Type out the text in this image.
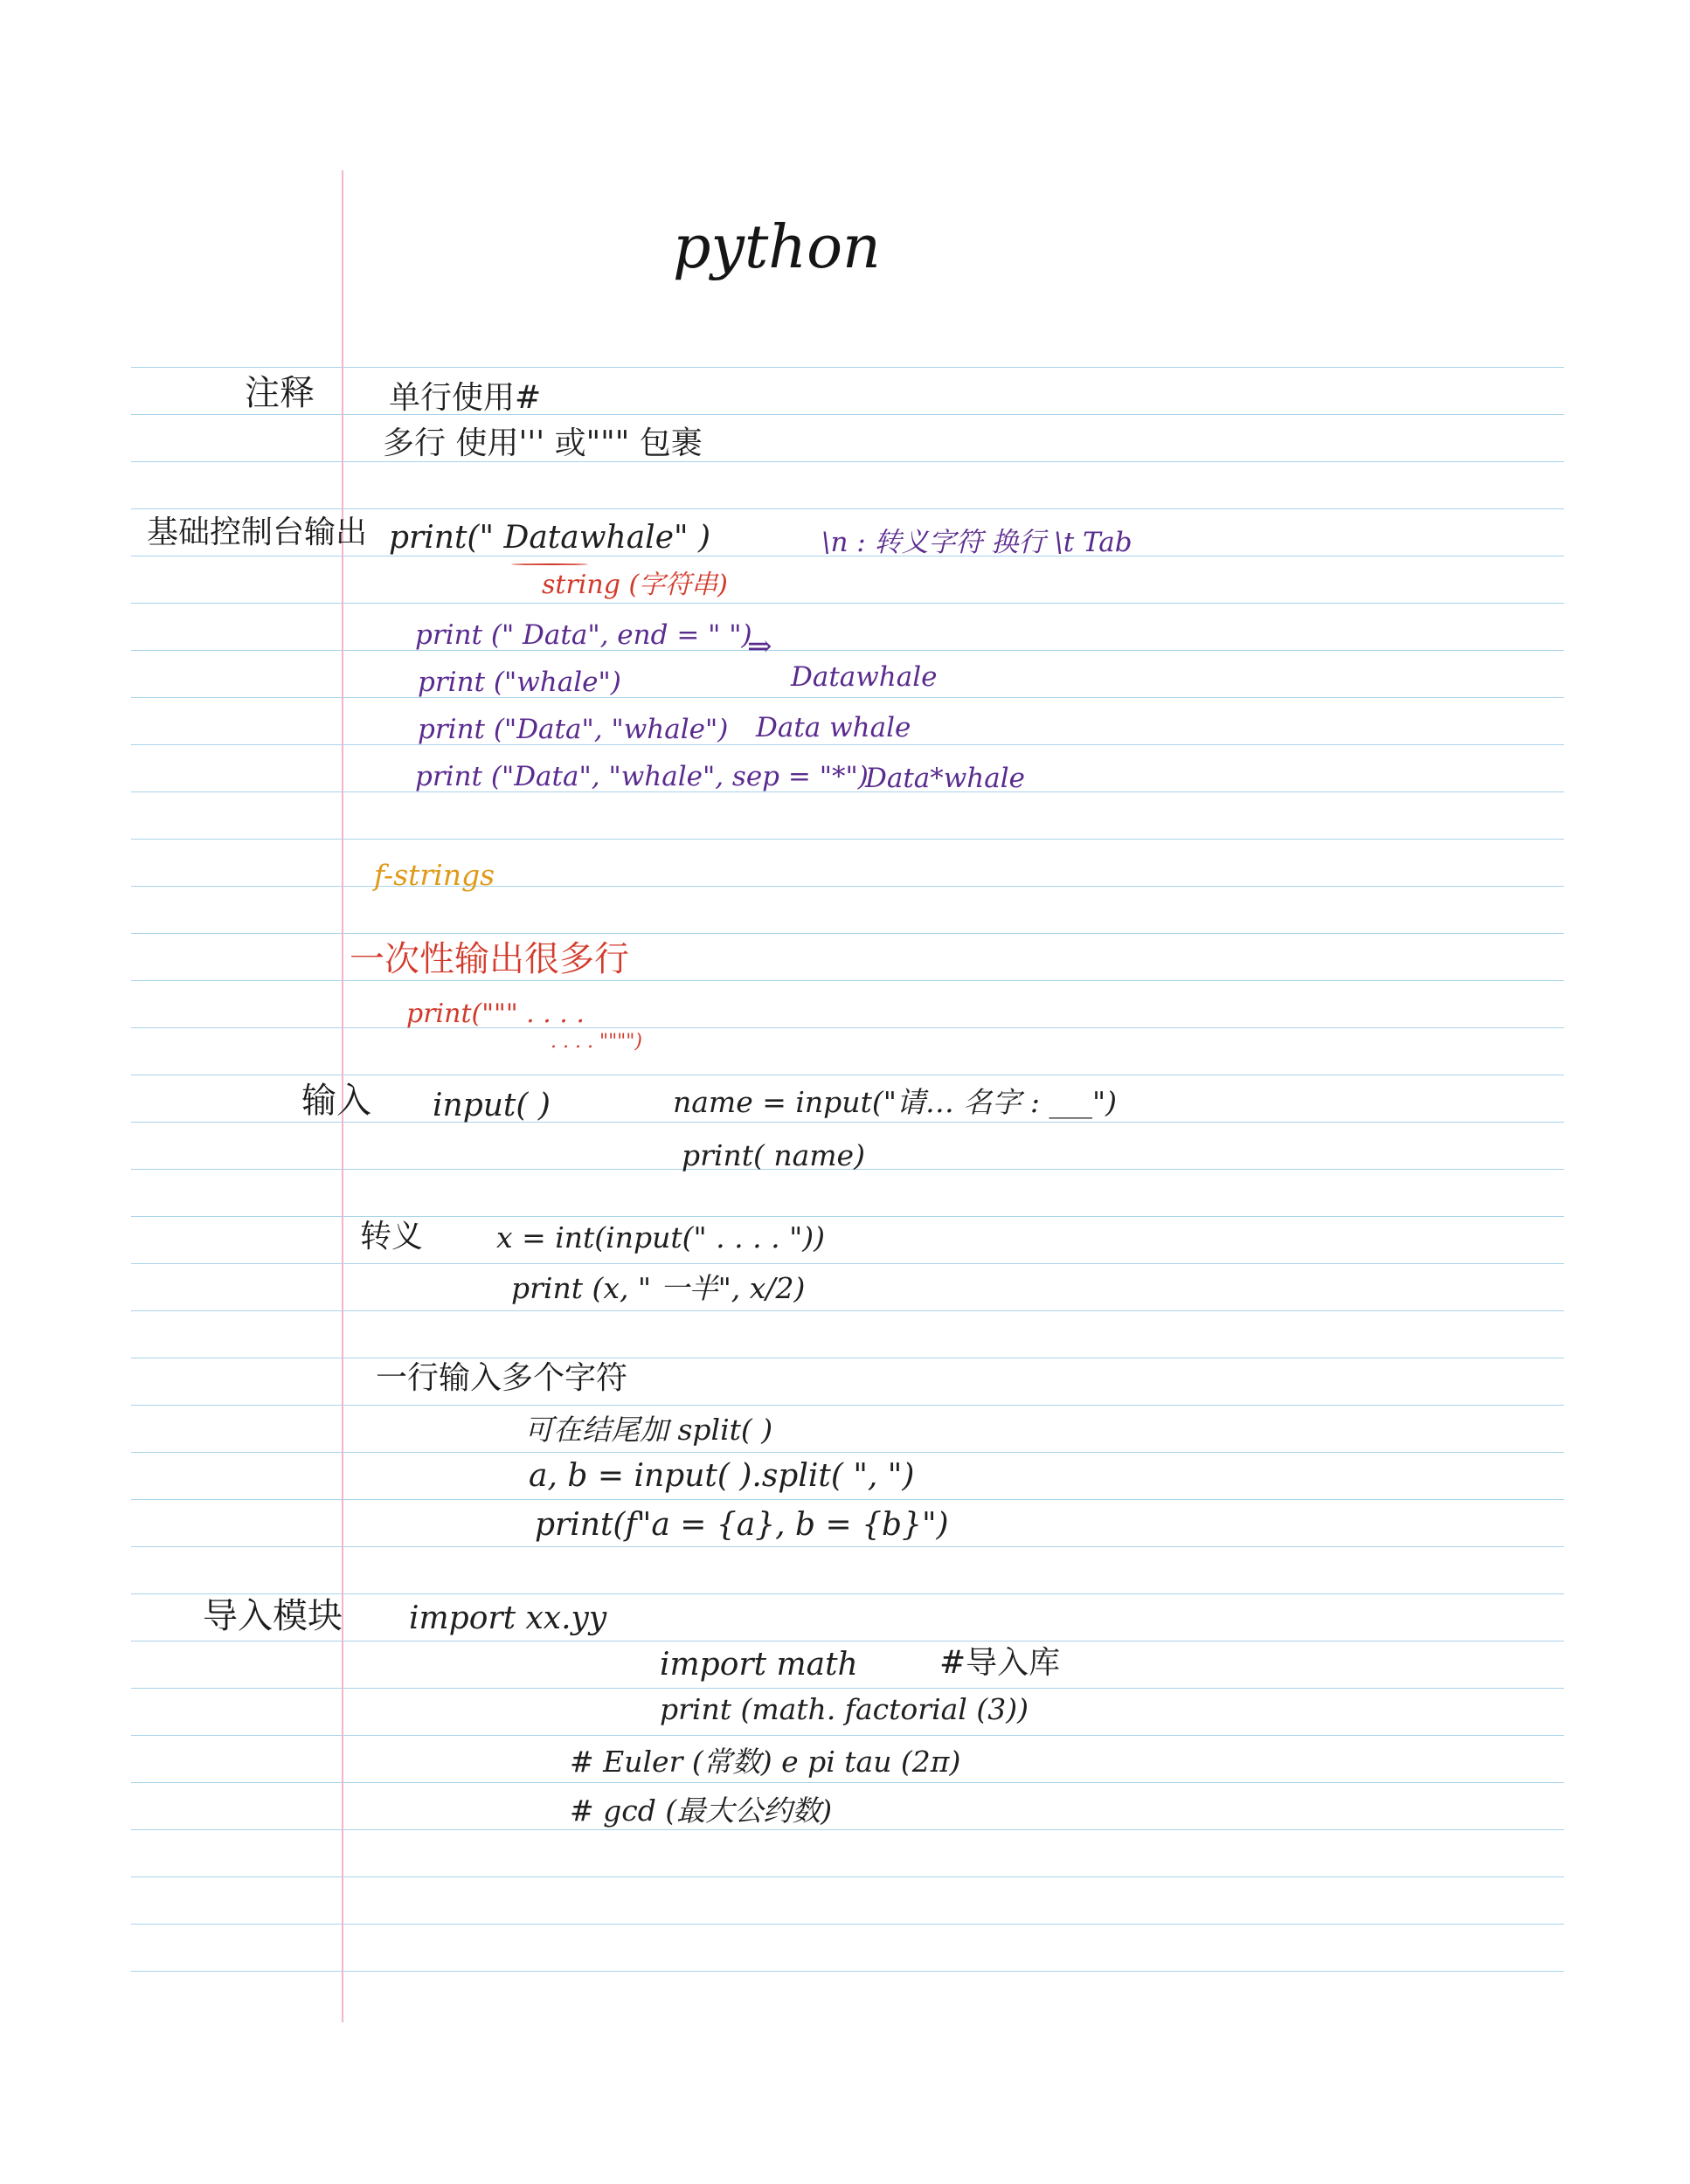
python
注释 单行使用#
多行 使用''' 或""" 包裹
基础控制台输出 print(" Datawhale" )	\n : 转义字符 换行 \t Tab
string (字符串)
print (" Data", end = " ")
⇒
print ("whale")	Datawhale
print ("Data", "whale") Data whale
print ("Data", "whale", sep = "*")
Data*whale
f-strings
一次性输出很多行
print(""" . . . .
. . . . """")
输入 input( )	name = input("请… 名字 : ___")
print( name)
转义	x = int(input(" . . . . "))
print (x, " 一半", x/2)
一行输入多个字符
可在结尾加 split( )
a, b = input( ).split( ", ")
print(f"a = {a}, b = {b}")
导入模块 import xx.yy
import math	#导入库
print (math. factorial (3))
# Euler (常数) e pi tau (2π)
# gcd (最大公约数)
